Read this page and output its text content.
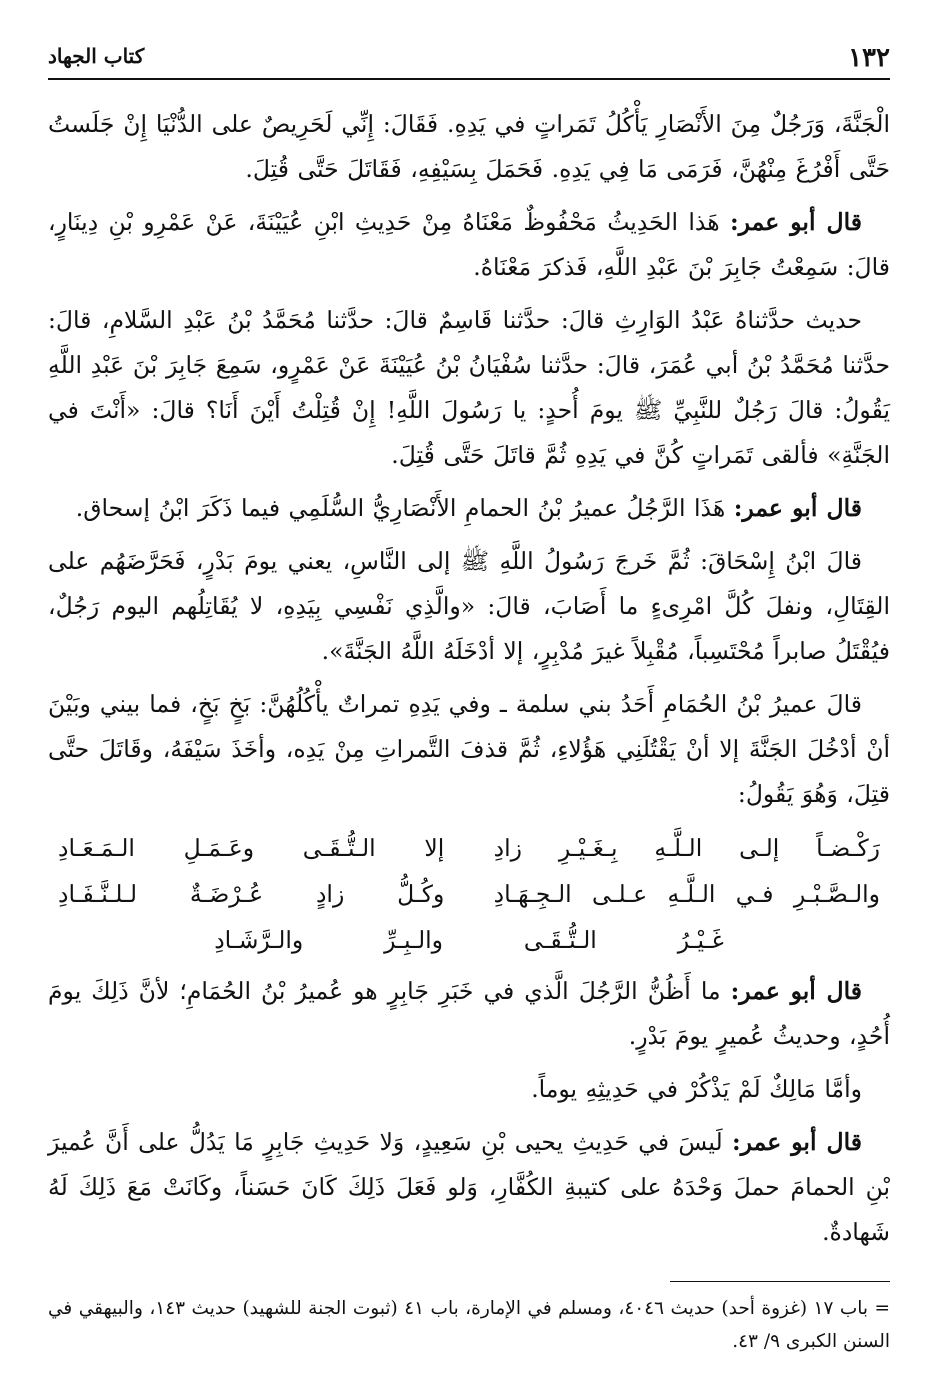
١٣٢
كتاب الجهاد

الْجَنَّةَ، وَرَجُلٌ مِنَ الأَنْصَارِ يَأْكُلُ تَمَراتٍ في يَدِهِ. فَقَالَ: إِنِّي لَحَرِيصٌ على الدُّنْيَا إِنْ جَلَستُ حَتَّى أَفْرُغَ مِنْهُنَّ، فَرَمَى مَا فِي يَدِهِ. فَحَمَلَ بِسَيْفِهِ، فَقَاتَلَ حَتَّى قُتِلَ.

قال أبو عمر: هَذا الحَدِيثُ مَحْفُوظٌ مَعْنَاهُ مِنْ حَدِيثِ ابْنِ عُيَيْنَةَ، عَنْ عَمْرِو بْنِ دِينَارٍ، قالَ: سَمِعْتُ جَابِرَ بْنَ عَبْدِ اللَّهِ، فَذكرَ مَعْنَاهُ.

حديث حدَّثناهُ عَبْدُ الوَارِثِ قالَ: حدَّثنا قَاسِمٌ قالَ: حدَّثنا مُحَمَّدُ بْنُ عَبْدِ السَّلامِ، قالَ: حدَّثنا مُحَمَّدُ بْنُ أبي عُمَرَ، قالَ: حدَّثنا سُفْيَانُ بْنُ عُيَيْنَةَ عَنْ عَمْرٍو، سَمِعَ جَابِرَ بْنَ عَبْدِ اللَّهِ يَقُولُ: قالَ رَجُلٌ للنَّبِيِّ ﷺ يومَ أُحدٍ: يا رَسُولَ اللَّهِ! إِنْ قُتِلْتُ أَيْنَ أَنَا؟ قالَ: «أَنْتَ في الجَنَّةِ» فألقى تَمَراتٍ كُنَّ في يَدِهِ ثُمَّ قاتَلَ حَتَّى قُتِلَ.

قال أبو عمر: هَذَا الرَّجُلُ عميرُ بْنُ الحمامِ الأَنْصَارِيُّ السُّلَمِي فيما ذَكَرَ ابْنُ إسحاق.

قالَ ابْنُ إِسْحَاقَ: ثُمَّ خَرجَ رَسُولُ اللَّهِ ﷺ إلى النَّاسِ، يعني يومَ بَدْرٍ، فَحَرَّضَهُم على القِتَالِ، ونفلَ كُلَّ امْرِىءٍ ما أَصَابَ، قالَ: «والَّذِي نَفْسِي بِيَدِهِ، لا يُقَاتِلُهم اليوم رَجُلٌ، فيُقْتَلُ صابراً مُحْتَسِباً، مُقْبِلاً غيرَ مُدْبِرٍ، إلا أدْخَلَهُ اللَّهُ الجَنَّةَ».

قالَ عميرُ بْنُ الحُمَامِ أَحَدُ بني سلمة ـ وفي يَدِهِ تمراتٌ يأْكُلُهُنَّ: بَخٍ بَخٍ، فما بيني وبَيْنَ أنْ أدْخُلَ الجَنَّةَ إلا أنْ يَقْتُلَنِي هَؤُلاءِ، ثُمَّ قذفَ التَّمراتِ مِنْ يَدِه، وأخَذَ سَيْفَهُ، وقَاتَلَ حتَّى قتِلَ، وَهُوَ يَقُولُ:

رَكْـضـاً إلـى الـلَّـهِ بِـغَـيْـرِ زادِ
إلا الـتُّـقَـى وعَـمَـلِ الـمَـعَـادِ
والـصَّـبْـرِ فـي الـلَّـهِ عـلـى الـجِـهَـادِ
وكُـلُّ زادٍ عُـرْضَـةٌ لـلـنَّـفَـادِ
غَـيْـرُ الـتُّـقَـى والـبِـرِّ والـرَّشَـادِ

قال أبو عمر: ما أَظُنُّ الرَّجُلَ الَّذي في خَبَرِ جَابِرٍ هو عُميرُ بْنُ الحُمَامِ؛ لأنَّ ذَلِكَ يومَ أُحُدٍ، وحديثُ عُميرٍ يومَ بَدْرٍ.

وأمَّا مَالِكٌ لَمْ يَذْكُرْ في حَدِيثِهِ يوماً.

قال أبو عمر: لَيسَ في حَدِيثِ يحيى بْنِ سَعِيدٍ، وَلا حَدِيثِ جَابِرٍ مَا يَدُلُّ على أَنَّ عُميرَ بْنِ الحمامَ حملَ وَحْدَهُ على كتيبةِ الكُفَّارِ، وَلو فَعَلَ ذَلِكَ كَانَ حَسَناً، وكَانَتْ مَعَ ذَلِكَ لَهُ شَهادةٌ.

= باب ١٧ (غزوة أحد) حديث ٤٠٤٦، ومسلم في الإمارة، باب ٤١ (ثبوت الجنة للشهيد) حديث ١٤٣، والبيهقي في السنن الكبرى ٩/ ٤٣.
